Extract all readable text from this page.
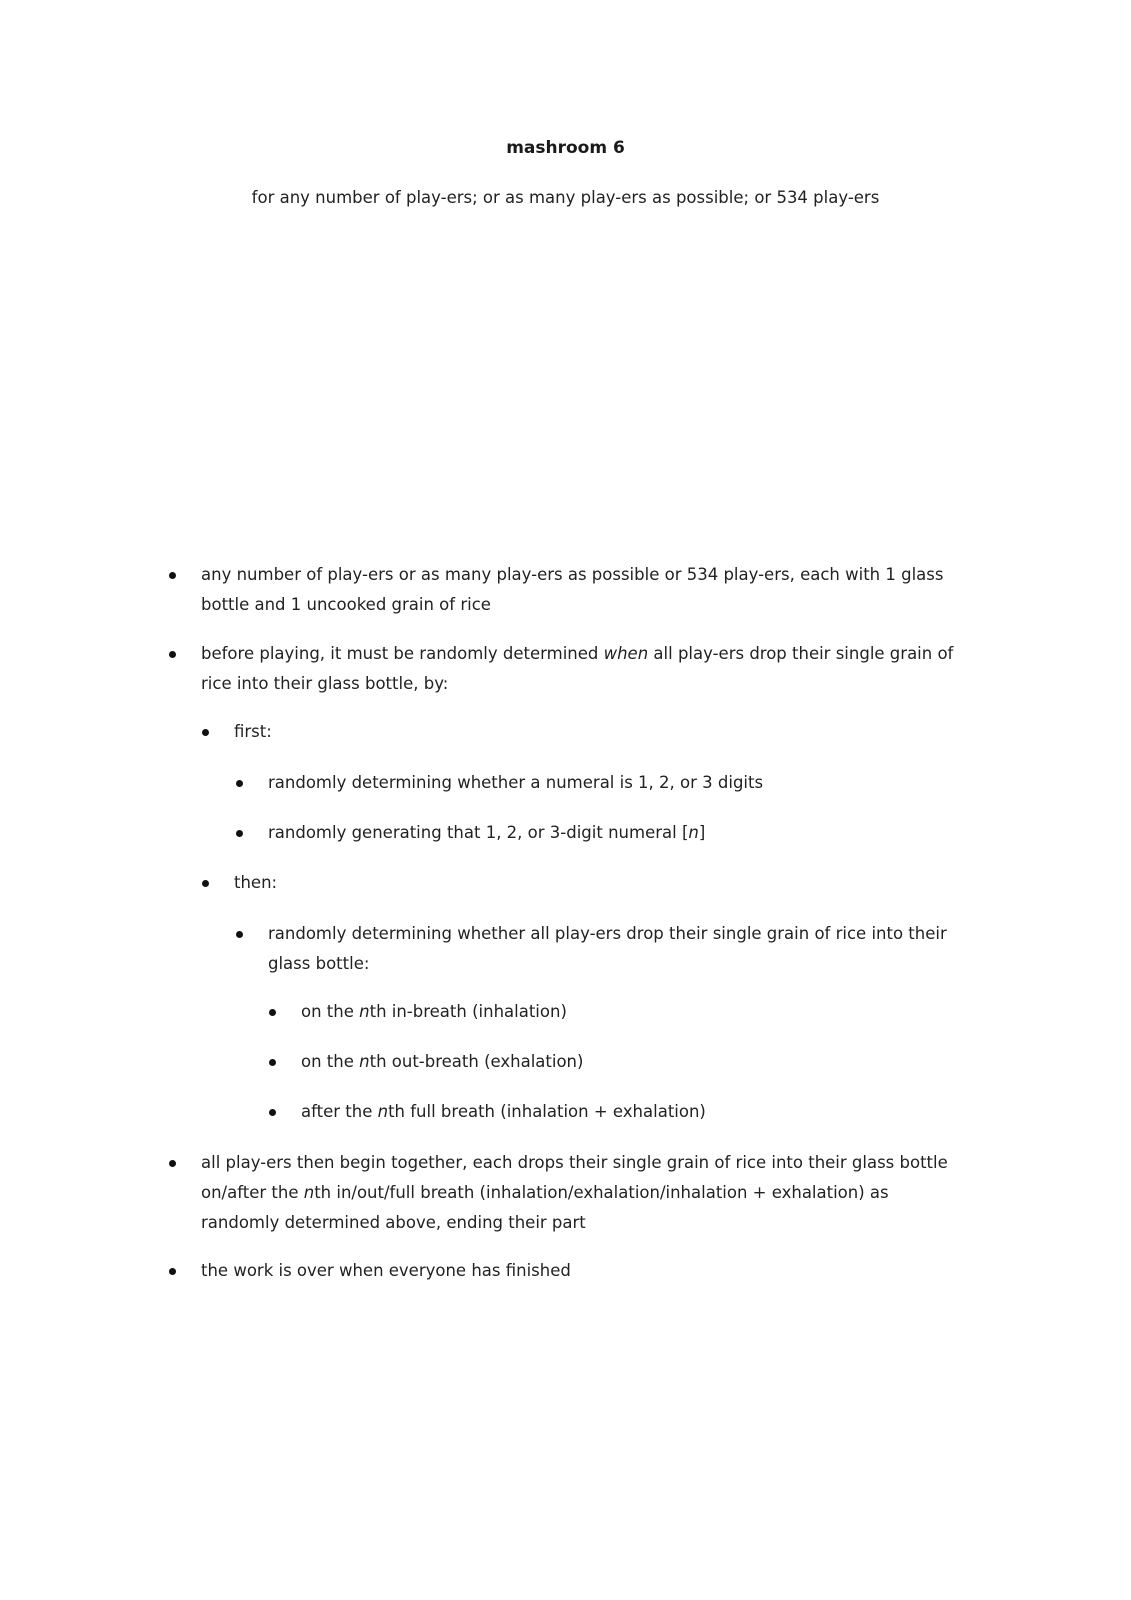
mashroom 6
for any number of play-ers; or as many play-ers as possible; or 534 play-ers
any number of play-ers or as many play-ers as possible or 534 play-ers, each with 1 glass bottle and 1 uncooked grain of rice
before playing, it must be randomly determined when all play-ers drop their single grain of rice into their glass bottle, by:
first:
randomly determining whether a numeral is 1, 2, or 3 digits
randomly generating that 1, 2, or 3-digit numeral [n]
then:
randomly determining whether all play-ers drop their single grain of rice into their glass bottle:
on the nth in-breath (inhalation)
on the nth out-breath (exhalation)
after the nth full breath (inhalation + exhalation)
all play-ers then begin together, each drops their single grain of rice into their glass bottle on/after the nth in/out/full breath (inhalation/exhalation/inhalation + exhalation) as randomly determined above, ending their part
the work is over when everyone has finished
